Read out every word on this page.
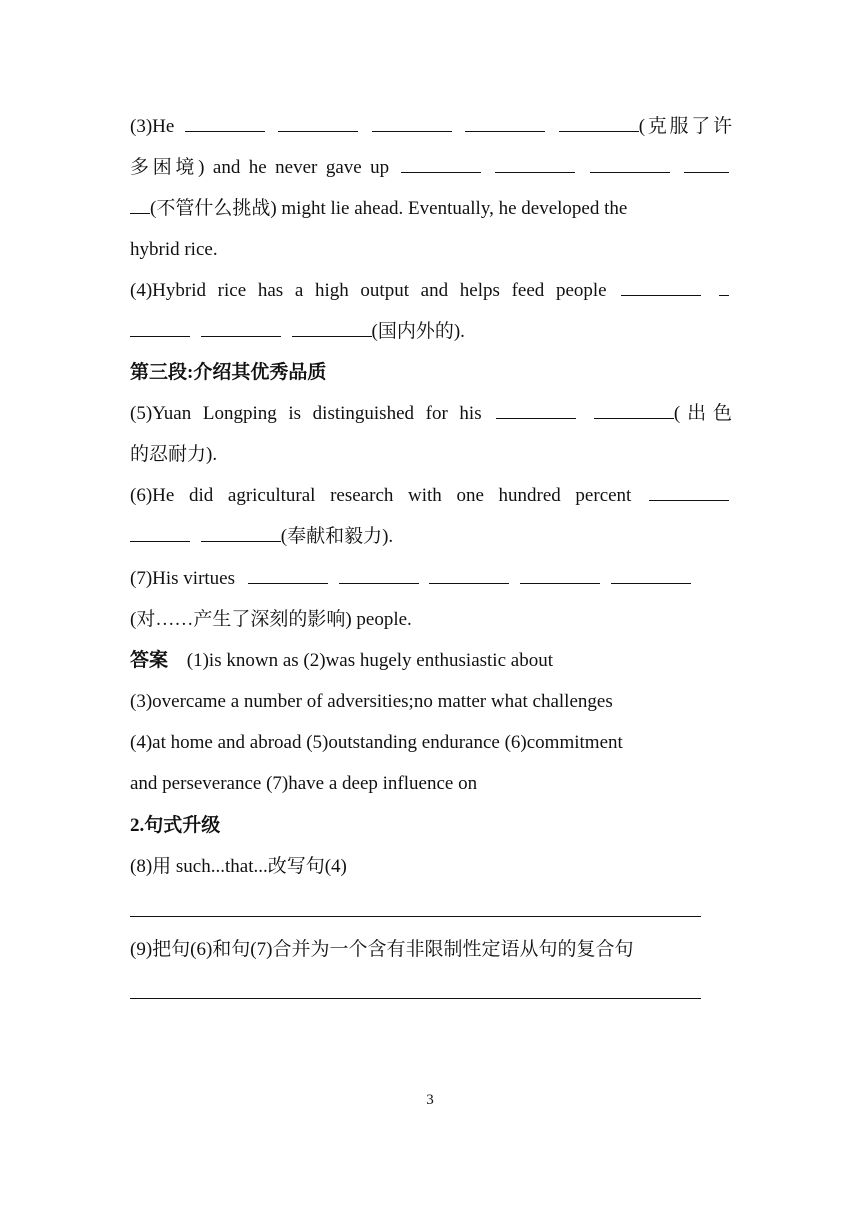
(3)He	(克服了许
多困境) and he never gave up
(不管什么挑战) might lie ahead. Eventually, he developed the
hybrid rice.
(4)Hybrid rice has a high output and helps feed people
(国内外的).
第三段:介绍其优秀品质
(5)Yuan Longping is distinguished for his	(出色
的忍耐力).
(6)He did agricultural research with one hundred percent
(奉献和毅力).
(7)His virtues
(对……产生了深刻的影响) people.
答案 (1)is known as (2)was hugely enthusiastic about
(3)overcame a number of adversities;no matter what challenges
(4)at home and abroad (5)outstanding endurance (6)commitment
and perseverance (7)have a deep influence on
2.句式升级
(8)用 such...that...改写句(4)
(9)把句(6)和句(7)合并为一个含有非限制性定语从句的复合句
3
